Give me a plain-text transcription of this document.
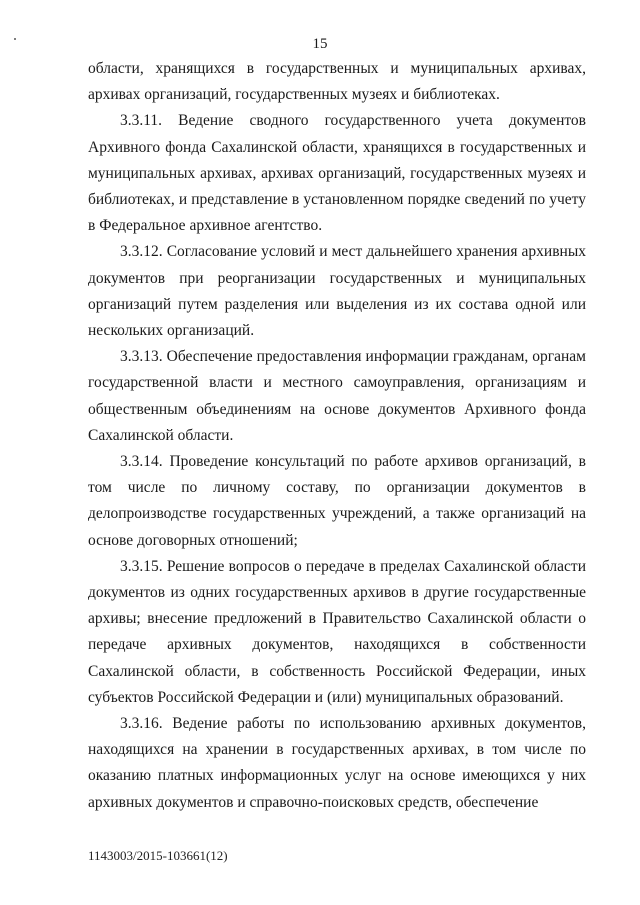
15

области, хранящихся в государственных и муниципальных архивах, архивах организаций, государственных музеях и библиотеках.

3.3.11. Ведение сводного государственного учета документов Архивного фонда Сахалинской области, хранящихся в государственных и муниципальных архивах, архивах организаций, государственных музеях и библиотеках, и представление в установленном порядке сведений по учету в Федеральное архивное агентство.

3.3.12. Согласование условий и мест дальнейшего хранения архивных документов при реорганизации государственных и муниципальных организаций путем разделения или выделения из их состава одной или нескольких организаций.

3.3.13. Обеспечение предоставления информации гражданам, органам государственной власти и местного самоуправления, организациям и общественным объединениям на основе документов Архивного фонда Сахалинской области.

3.3.14. Проведение консультаций по работе архивов организаций, в том числе по личному составу, по организации документов в делопроизводстве государственных учреждений, а также организаций на основе договорных отношений;

3.3.15. Решение вопросов о передаче в пределах Сахалинской области документов из одних государственных архивов в другие государственные архивы; внесение предложений в Правительство Сахалинской области о передаче архивных документов, находящихся в собственности Сахалинской области, в собственность Российской Федерации, иных субъектов Российской Федерации и (или) муниципальных образований.

3.3.16. Ведение работы по использованию архивных документов, находящихся на хранении в государственных архивах, в том числе по оказанию платных информационных услуг на основе имеющихся у них архивных документов и справочно-поисковых средств, обеспечение

1143003/2015-103661(12)
